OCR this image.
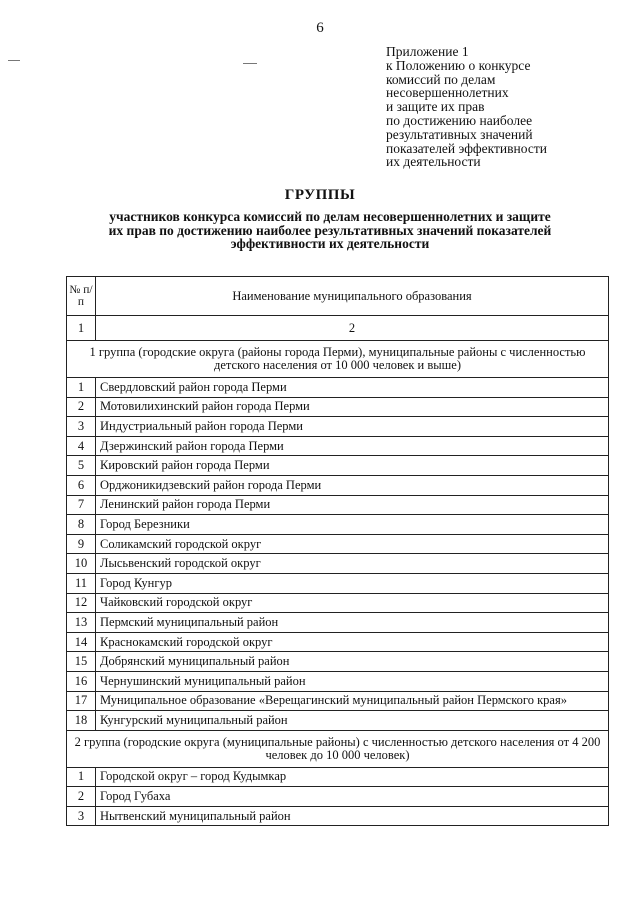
6
Приложение 1
к Положению о конкурсе
комиссий по делам
несовершеннолетних
и защите их прав
по достижению наиболее
результативных значений
показателей эффективности
их деятельности
ГРУППЫ
участников конкурса комиссий по делам несовершеннолетних и защите
их прав по достижению наиболее результативных значений показателей
эффективности их деятельности
№ п/п	Наименование муниципального образования
1	2
1 группа (городские округа (районы города Перми), муниципальные районы с численностью детского населения от 10 000 человек и выше)	
1	Свердловский район города Перми
2	Мотовилихинский район города Перми
3	Индустриальный район города Перми
4	Дзержинский район города Перми
5	Кировский район города Перми
6	Орджоникидзевский район города Перми
7	Ленинский район города Перми
8	Город Березники
9	Соликамский городской округ
10	Лысьвенский городской округ
11	Город Кунгур
12	Чайковский городской округ
13	Пермский муниципальный район
14	Краснокамский городской округ
15	Добрянский муниципальный район
16	Чернушинский муниципальный район
17	Муниципальное образование «Верещагинский муниципальный район Пермского края»
18	Кунгурский муниципальный район
2 группа (городские округа (муниципальные районы) с численностью детского населения от 4 200 человек до 10 000 человек)	
1	Городской округ – город Кудымкар
2	Город Губаха
3	Нытвенский муниципальный район
